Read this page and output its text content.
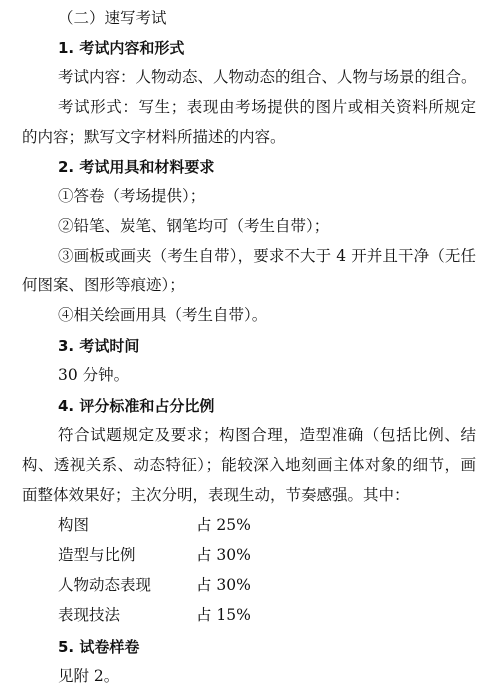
（二）速写考试
1. 考试内容和形式
考试内容：人物动态、人物动态的组合、人物与场景的组合。
考试形式：写生；表现由考场提供的图片或相关资料所规定
的内容；默写文字材料所描述的内容。
2. 考试用具和材料要求
①答卷（考场提供）；
②铅笔、炭笔、钢笔均可（考生自带）；
③画板或画夹（考生自带），要求不大于 4 开并且干净（无任
何图案、图形等痕迹）；
④相关绘画用具（考生自带）。
3. 考试时间
30 分钟。
4. 评分标准和占分比例
符合试题规定及要求；构图合理，造型准确（包括比例、结
构、透视关系、动态特征）；能较深入地刻画主体对象的细节，画
面整体效果好；主次分明，表现生动，节奏感强。其中：
构图	占 25%
造型与比例	占 30%
人物动态表现	占 30%
表现技法	占 15%
5. 试卷样卷
见附 2。
